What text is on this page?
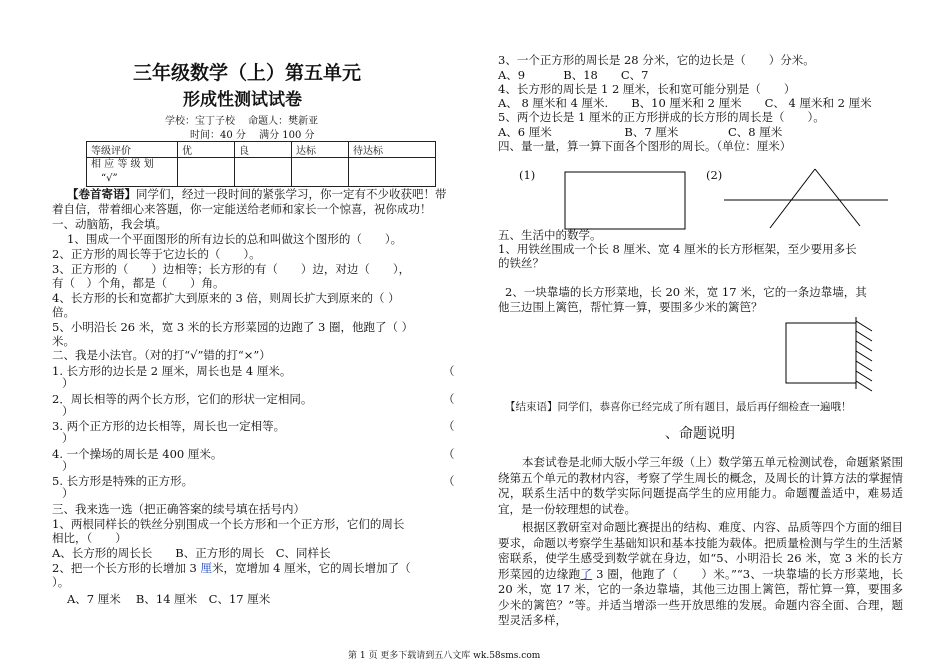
三年级数学（上）第五单元
形成性测试试卷
学校：宝丁子校　 命题人：樊新亚
时间：40 分　 满分 100 分
等级评价	优	良	达标	待达标

相 应 等 级 划
“√”				

【卷首寄语】同学们，经过一段时间的紧张学习，你一定有不少收获吧！带
着自信，带着细心来答题，你一定能送给老师和家长一个惊喜，祝你成功！
一、动脑筋，我会填。
1、围成一个平面图形的所有边长的总和叫做这个图形的（　　）。
2、正方形的周长等于它边长的（　　）。
3、正方形的（　　）边相等；长方形的有（　　）边，对边（　　），
有（　）个角，都是（　　）角。
4、长方形的长和宽都扩大到原来的 3 倍，则周长扩大到原来的（ ）
倍。
5、小明沿长 26 米，宽 3 米的长方形菜园的边跑了 3 圈，他跑了（ ）
米。
二、我是小法官。（对的打“√”错的打“×”）
1. 长方形的边长是 2 厘米，周长也是 4 厘米。	（
）
2．周长相等的两个长方形，它们的形状一定相同。	（
）
3. 两个正方形的边长相等，周长也一定相等。	（
）
4. 一个操场的周长是 400 厘米。	（
）
5. 长方形是特殊的正方形。	（
）
三、我来选一选（把正确答案的续号填在括号内）
1、两根同样长的铁丝分别围成一个长方形和一个正方形，它们的周长
相比，（　　）
A、长方形的周长长　　B、正方形的周长　C、同样长
2、把一个长方形的长增加 3 厘米，宽增加 4 厘米，它的周长增加了（
）。
A、7 厘米　 B、14 厘米　C、17 厘米
3、一个正方形的周长是 28 分米，它的边长是（　　）分米。
A、9　　　 B、18　　C、7
4、长方形的周长是 1 2 厘米，长和宽可能分别是（　　）
A、 8 厘米和 4 厘米.　　B、10 厘米和 2 厘米　　C、 4 厘米和 2 厘米
5、两个边长是 1 厘米的正方形拼成的长方形的周长是（　　）。
A、6 厘米　　　　　　 B、7 厘米　　　　 C、8 厘米
四、量一量，算一算下面各个图形的周长。（单位：厘米）
(1)	(2)
五、生活中的数学。
1、用铁丝围成一个长 8 厘米、宽 4 厘米的长方形框架，至少要用多长
的铁丝？
2、一块靠墙的长方形菜地，长 20 米，宽 17 米，它的一条边靠墙，其
他三边围上篱笆，帮忙算一算，要围多少米的篱笆？
【结束语】同学们，恭喜你已经完成了所有题目，最后再仔细检查一遍哦！
、命题说明
本套试卷是北师大版小学三年级（上）数学第五单元检测试卷，命题紧紧围绕第五个单元的教材内容，考察了学生周长的概念，及周长的计算方法的掌握情况，联系生活中的数学实际问题提高学生的应用能力。命题覆盖适中，难易适宜，是一份较理想的试卷。
根据区教研室对命题比赛提出的结构、难度、内容、品质等四个方面的细目要求，命题以考察学生基础知识和基本技能为载体。把质量检测与学生的生活紧密联系，使学生感受到数学就在身边，如“5、小明沿长 26 米，宽 3 米的长方形菜园的边缘跑了 3 圈，他跑了（　　）米。”“3、一块靠墙的长方形菜地，长 20 米，宽 17 米，它的一条边靠墙，其他三边围上篱笆，帮忙算一算，要围多少米的篱笆？”等。并适当增添一些开放思维的发展。命题内容全面、合理，题型灵活多样，
第 1 页 更多下载请到五八文库 wk.58sms.com
